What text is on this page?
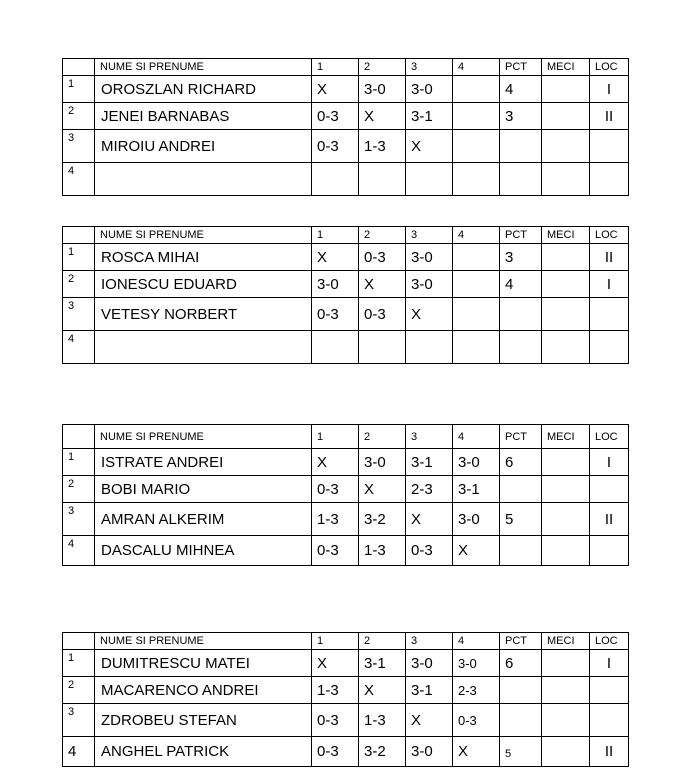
	NUME SI PRENUME	1	2	3	4	PCT	MECI	LOC
1	OROSZLAN RICHARD	X	3-0	3-0		4		I
2	JENEI BARNABAS	0-3	X	3-1		3		II
3	MIROIU ANDREI	0-3	1-3	X				
4								
	NUME SI PRENUME	1	2	3	4	PCT	MECI	LOC
1	ROSCA MIHAI	X	0-3	3-0		3		II
2	IONESCU EDUARD	3-0	X	3-0		4		I
3	VETESY NORBERT	0-3	0-3	X				
4								
	NUME SI PRENUME	1	2	3	4	PCT	MECI	LOC
1	ISTRATE ANDREI	X	3-0	3-1	3-0	6		I
2	BOBI MARIO	0-3	X	2-3	3-1			
3	AMRAN ALKERIM	1-3	3-2	X	3-0	5		II
4	DASCALU MIHNEA	0-3	1-3	0-3	X			
	NUME SI PRENUME	1	2	3	4	PCT	MECI	LOC
1	DUMITRESCU MATEI	X	3-1	3-0	3-0	6		I
2	MACARENCO ANDREI	1-3	X	3-1	2-3			
3	ZDROBEU STEFAN	0-3	1-3	X	0-3			
4	ANGHEL PATRICK	0-3	3-2	3-0	X	5		II
